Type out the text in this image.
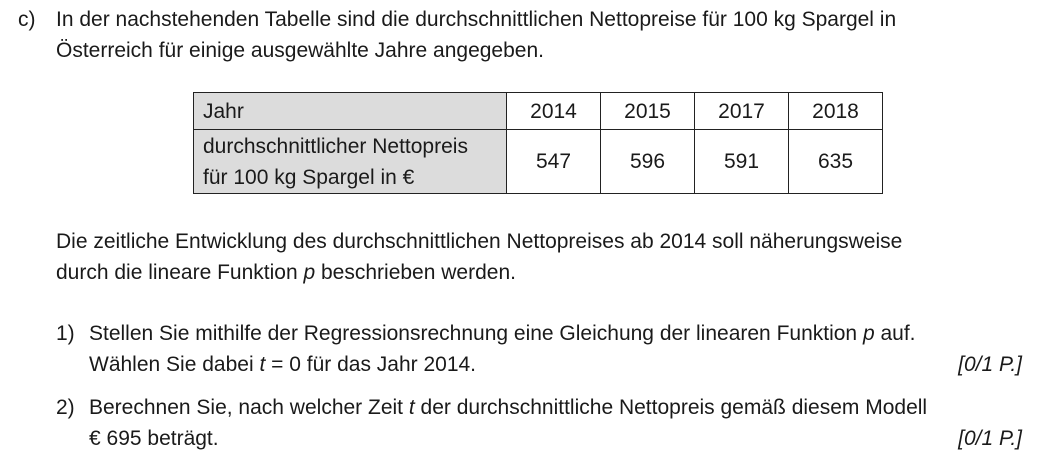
c) In der nachstehenden Tabelle sind die durchschnittlichen Nettopreise für 100 kg Spargel in
Österreich für einige ausgewählte Jahre angegeben.
Jahr	2014	2015	2017	2018

durchschnittlicher Nettopreis
für 100 kg Spargel in €	547	596	591	635
Die zeitliche Entwicklung des durchschnittlichen Nettopreises ab 2014 soll näherungsweise
durch die lineare Funktion p beschrieben werden.
1) Stellen Sie mithilfe der Regressionsrechnung eine Gleichung der linearen Funktion p auf.
Wählen Sie dabei t = 0 für das Jahr 2014.	[0/1 P.]
2) Berechnen Sie, nach welcher Zeit t der durchschnittliche Nettopreis gemäß diesem Modell
€ 695 beträgt.	[0/1 P.]
